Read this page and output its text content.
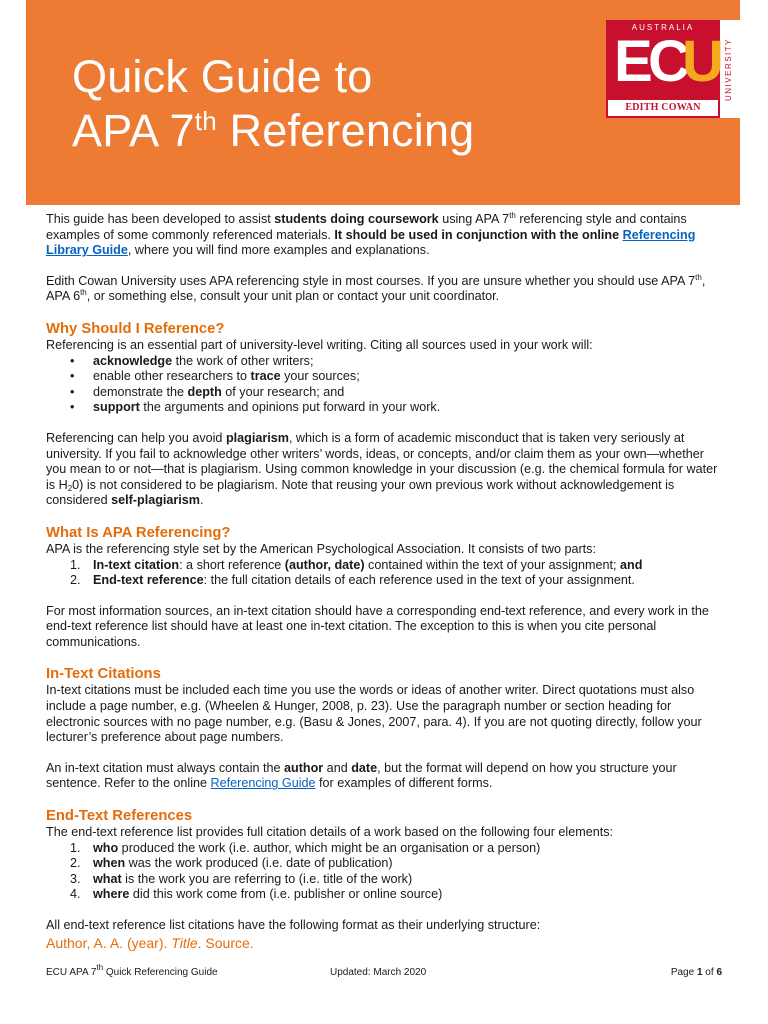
Quick Guide to
APA 7th Referencing
AUSTRALIA
E
C
U
EDITH COWAN
UNIVERSITY

This guide has been developed to assist students doing coursework using APA 7th referencing style and contains examples of some commonly referenced materials. It should be used in conjunction with the online Referencing Library Guide, where you will find more examples and explanations.

Edith Cowan University uses APA referencing style in most courses. If you are unsure whether you should use APA 7th, APA 6th, or something else, consult your unit plan or contact your unit coordinator.

Why Should I Reference?

Referencing is an essential part of university-level writing. Citing all sources used in your work will:

• acknowledge the work of other writers;
• enable other researchers to trace your sources;
• demonstrate the depth of your research; and
• support the arguments and opinions put forward in your work.

Referencing can help you avoid plagiarism, which is a form of academic misconduct that is taken very seriously at university. If you fail to acknowledge other writers’ words, ideas, or concepts, and/or claim them as your own—whether you mean to or not—that is plagiarism. Using common knowledge in your discussion (e.g. the chemical formula for water is $H_20$) is not considered to be plagiarism. Note that reusing your own previous work without acknowledgement is considered self-plagiarism.

What Is APA Referencing?

APA is the referencing style set by the American Psychological Association. It consists of two parts:

1. In-text citation: a short reference (author, date) contained within the text of your assignment; and
2. End-text reference: the full citation details of each reference used in the text of your assignment.

For most information sources, an in-text citation should have a corresponding end-text reference, and every work in the end-text reference list should have at least one in-text citation. The exception to this is when you cite personal communications.

In-Text Citations

In-text citations must be included each time you use the words or ideas of another writer. Direct quotations must also include a page number, e.g. (Wheelen & Hunger, 2008, p. 23). Use the paragraph number or section heading for electronic sources with no page number, e.g. (Basu & Jones, 2007, para. 4). If you are not quoting directly, follow your lecturer’s preference about page numbers.

An in-text citation must always contain the author and date, but the format will depend on how you structure your sentence. Refer to the online Referencing Guide for examples of different forms.

End-Text References

The end-text reference list provides full citation details of a work based on the following four elements:

1. who produced the work (i.e. author, which might be an organisation or a person)
2. when was the work produced (i.e. date of publication)
3. what is the work you are referring to (i.e. title of the work)
4. where did this work come from (i.e. publisher or online source)

All end-text reference list citations have the following format as their underlying structure:

Author, A. A. (year). Title. Source.

ECU APA 7th Quick Referencing Guide	Updated: March 2020	Page 1 of 6
